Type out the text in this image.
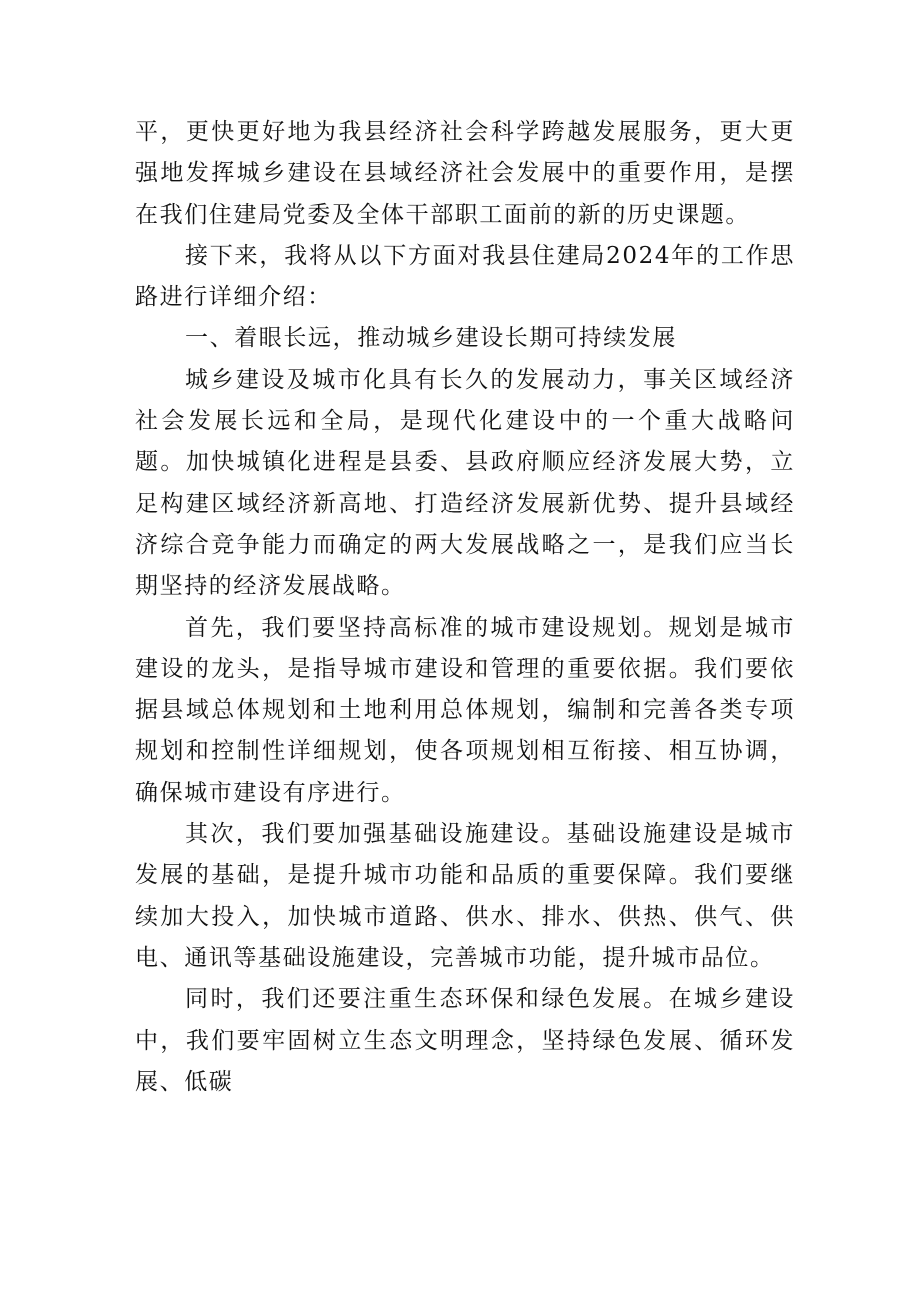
平，更快更好地为我县经济社会科学跨越发展服务，更大更强地发挥城乡建设在县域经济社会发展中的重要作用，是摆在我们住建局党委及全体干部职工面前的新的历史课题。

接下来，我将从以下方面对我县住建局2024年的工作思路进行详细介绍：

一、着眼长远，推动城乡建设长期可持续发展

城乡建设及城市化具有长久的发展动力，事关区域经济社会发展长远和全局，是现代化建设中的一个重大战略问题。加快城镇化进程是县委、县政府顺应经济发展大势，立足构建区域经济新高地、打造经济发展新优势、提升县域经济综合竞争能力而确定的两大发展战略之一，是我们应当长期坚持的经济发展战略。

首先，我们要坚持高标准的城市建设规划。规划是城市建设的龙头，是指导城市建设和管理的重要依据。我们要依据县域总体规划和土地利用总体规划，编制和完善各类专项规划和控制性详细规划，使各项规划相互衔接、相互协调，确保城市建设有序进行。

其次，我们要加强基础设施建设。基础设施建设是城市发展的基础，是提升城市功能和品质的重要保障。我们要继续加大投入，加快城市道路、供水、排水、供热、供气、供电、通讯等基础设施建设，完善城市功能，提升城市品位。

同时，我们还要注重生态环保和绿色发展。在城乡建设中，我们要牢固树立生态文明理念，坚持绿色发展、循环发展、低碳
